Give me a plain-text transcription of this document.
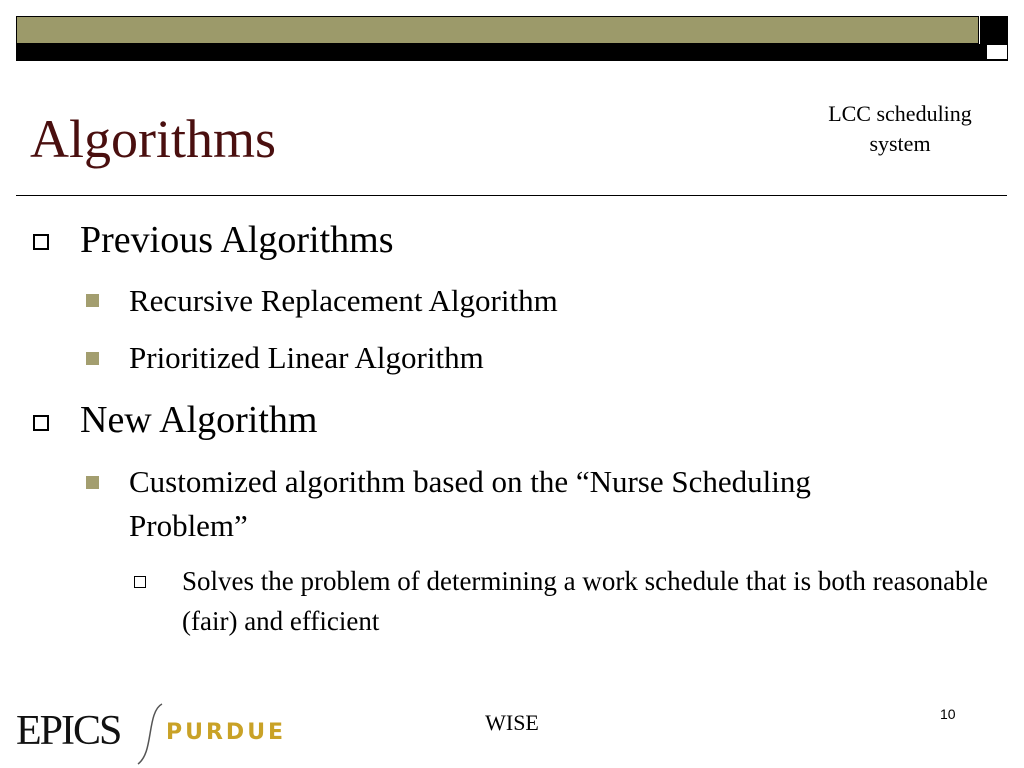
Algorithms	LCC scheduling system
Previous Algorithms
Recursive Replacement Algorithm
Prioritized Linear Algorithm
New Algorithm
Customized algorithm based on the “Nurse Scheduling Problem”
Solves the problem of determining a work schedule that is both reasonable (fair) and efficient
EPICS PURDUE	WISE	10
